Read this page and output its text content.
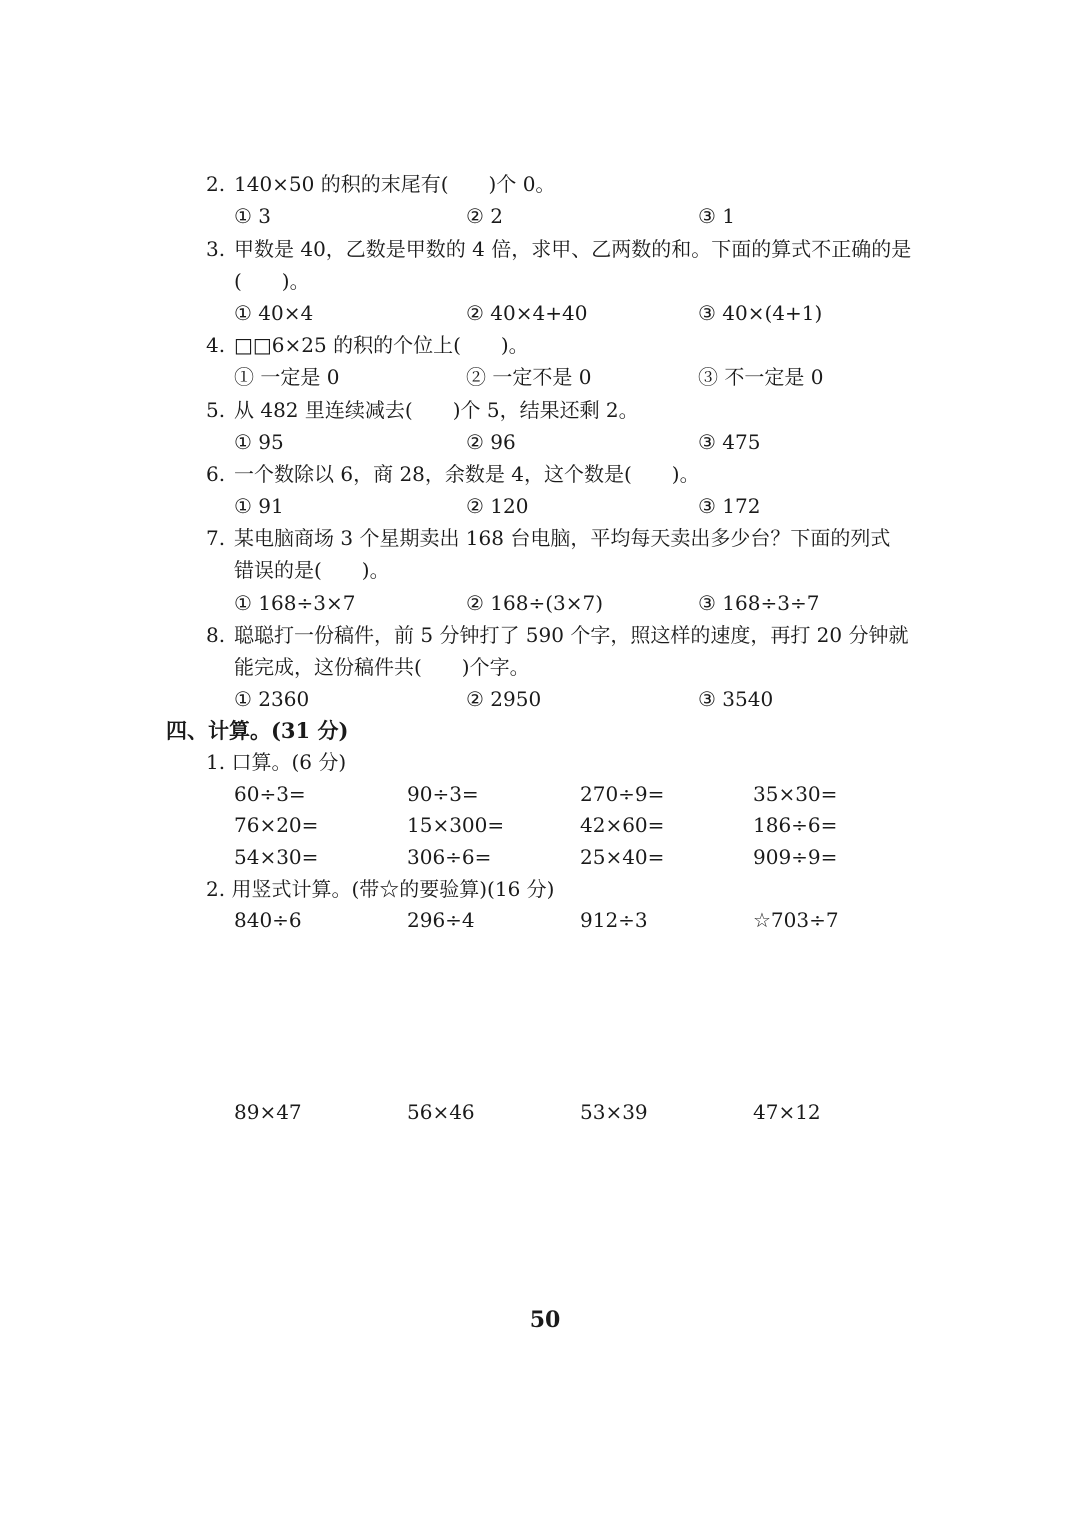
2. 140×50 的积的末尾有(　　)个 0。
① 3	② 2	③ 1
3. 甲数是 40，乙数是甲数的 4 倍，求甲、乙两数的和。下面的算式不正确的是
(　　)。
① 40×4	② 40×4+40	③ 40×(4+1)
4. □□6×25 的积的个位上(　　)。
① 一定是 0	② 一定不是 0	③ 不一定是 0
5. 从 482 里连续减去(　　)个 5，结果还剩 2。
① 95	② 96	③ 475
6. 一个数除以 6，商 28，余数是 4，这个数是(　　)。
① 91	② 120	③ 172
7. 某电脑商场 3 个星期卖出 168 台电脑，平均每天卖出多少台？下面的列式
错误的是(　　)。
① 168÷3×7	② 168÷(3×7)	③ 168÷3÷7
8. 聪聪打一份稿件，前 5 分钟打了 590 个字，照这样的速度，再打 20 分钟就
能完成，这份稿件共(　　)个字。
① 2360	② 2950	③ 3540
四、计算。(31 分)
1. 口算。(6 分)
60÷3=	90÷3=	270÷9=	35×30=
76×20=	15×300=	42×60=	186÷6=
54×30=	306÷6=	25×40=	909÷9=
2. 用竖式计算。(带☆的要验算)(16 分)
840÷6	296÷4	912÷3	☆703÷7
89×47	56×46	53×39	47×12
50
